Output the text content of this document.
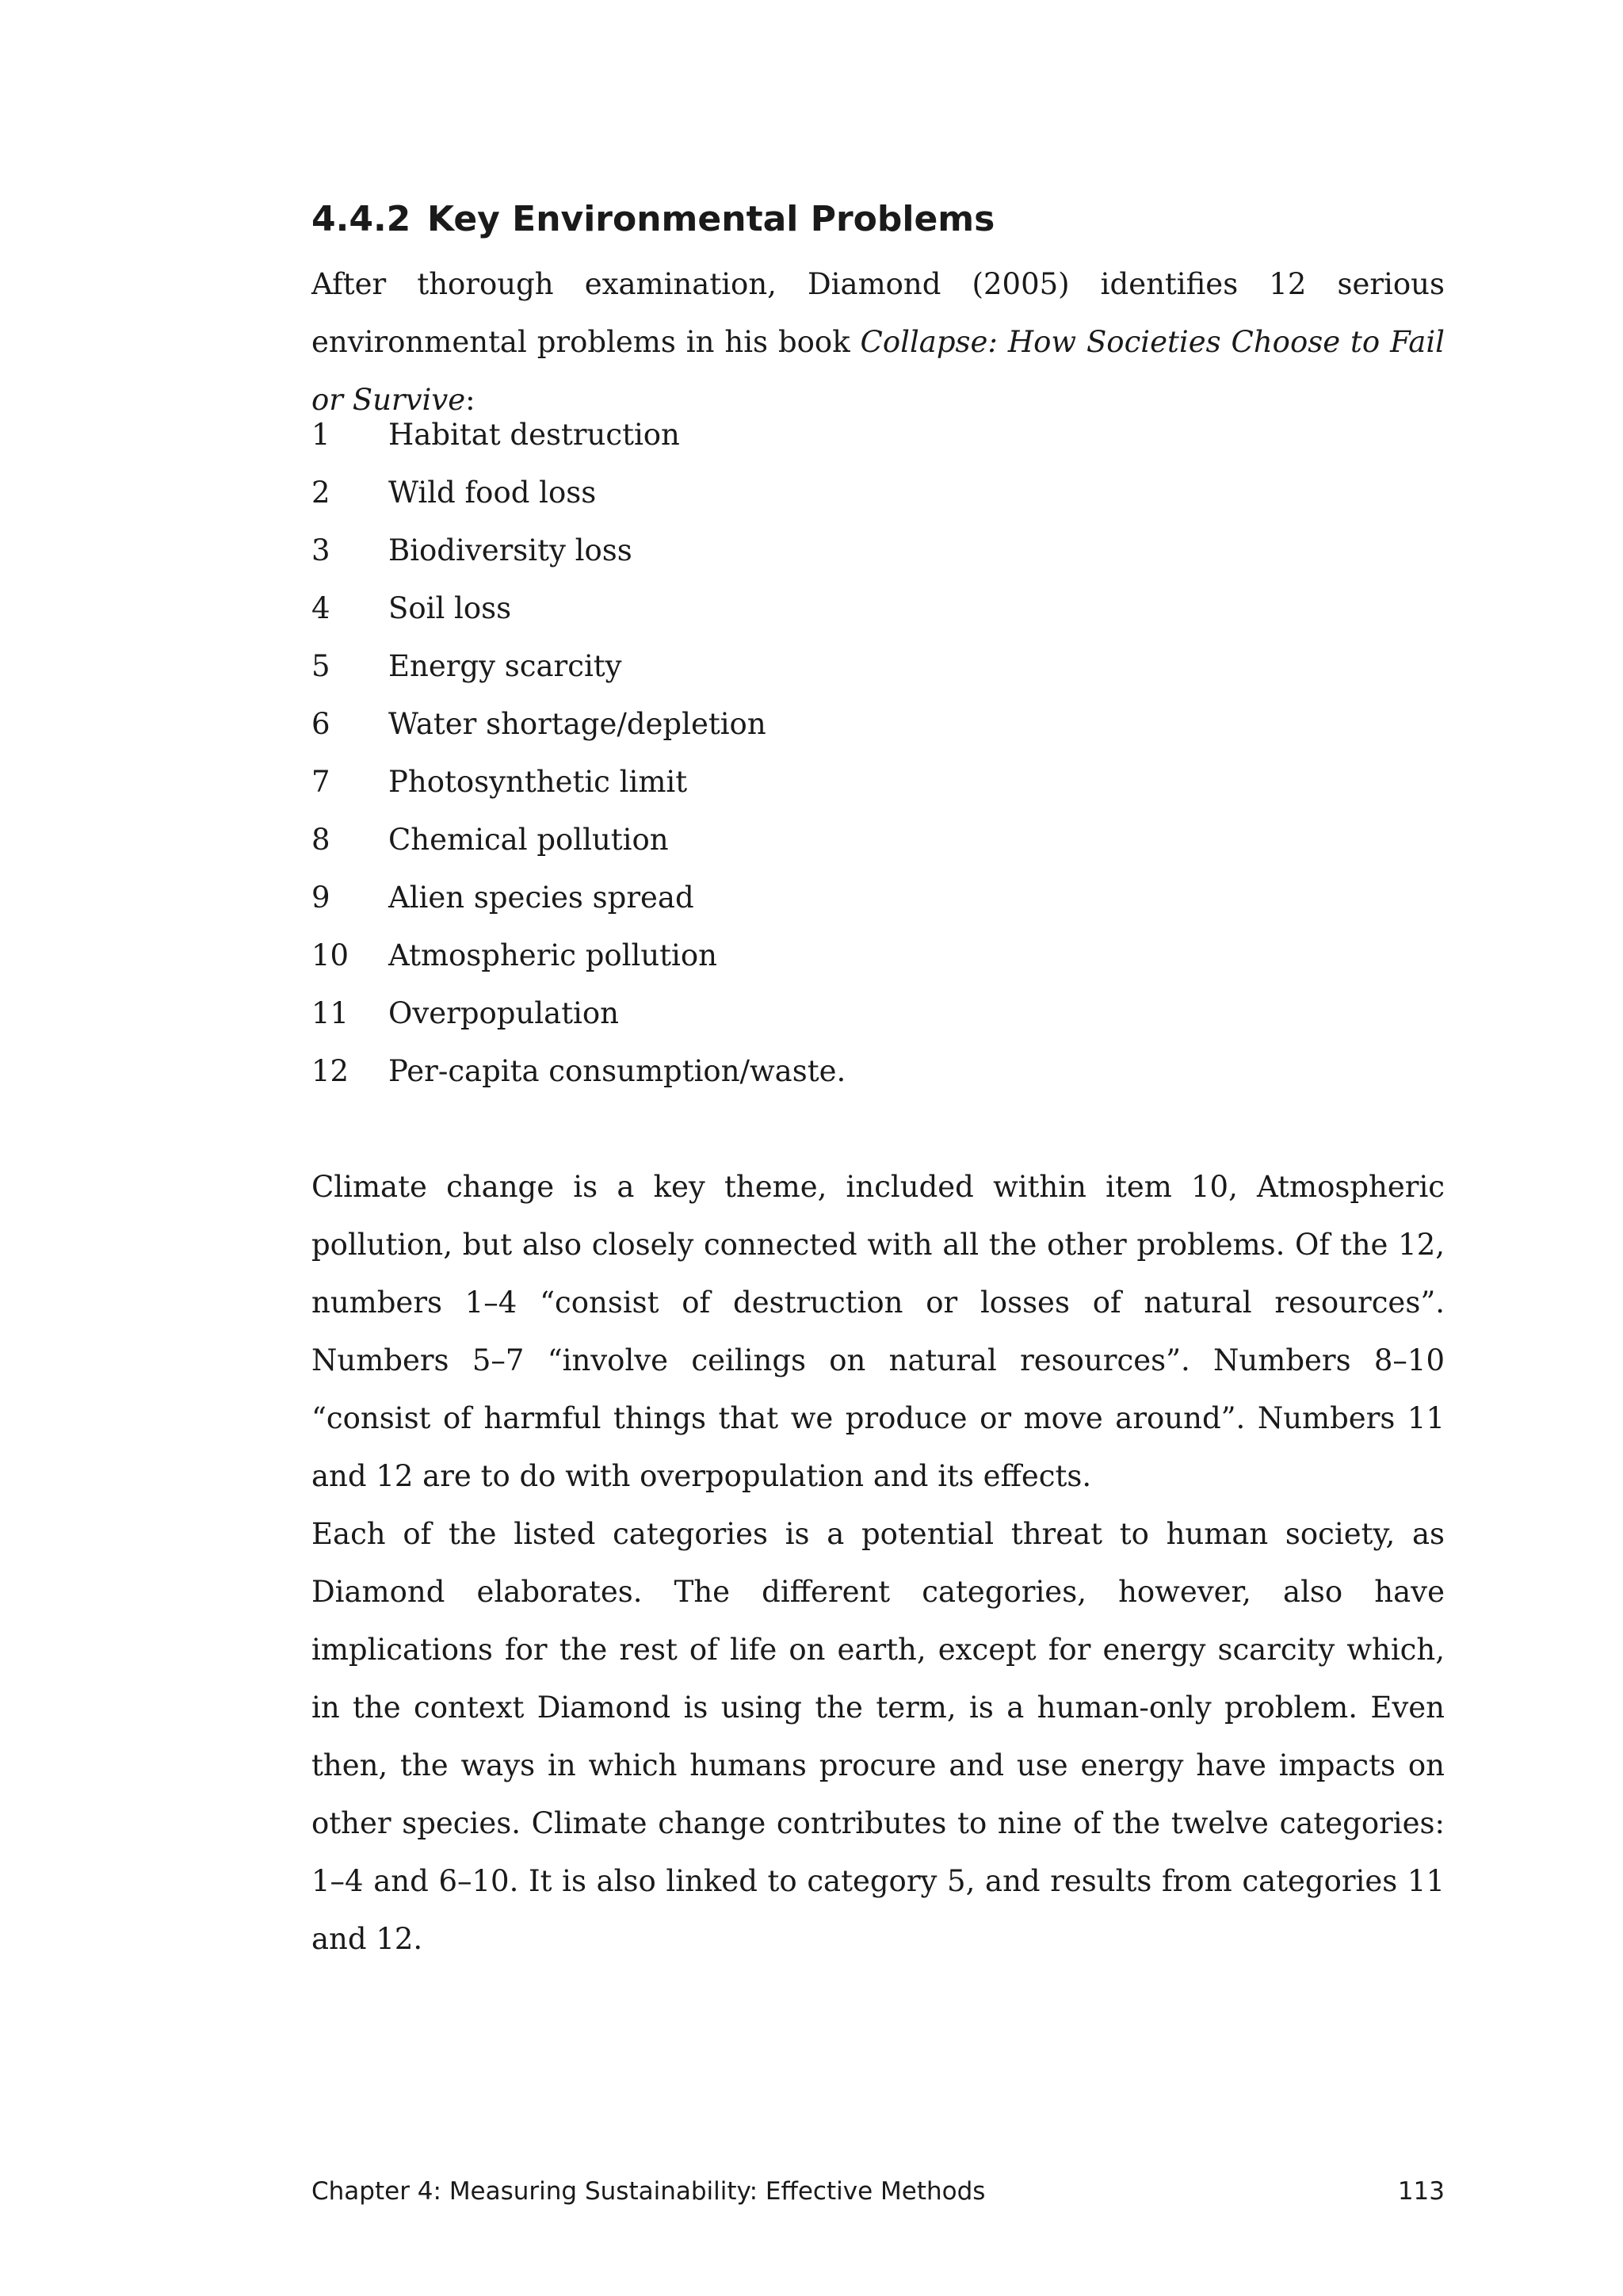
4.4.2 Key Environmental Problems

After thorough examination, Diamond (2005) identifies 12 serious environmental problems in his book Collapse: How Societies Choose to Fail or Survive:

1	Habitat destruction
2	Wild food loss
3	Biodiversity loss
4	Soil loss
5	Energy scarcity
6	Water shortage/depletion
7	Photosynthetic limit
8	Chemical pollution
9	Alien species spread
10	Atmospheric pollution
11	Overpopulation
12	Per-capita consumption/waste.

Climate change is a key theme, included within item 10, Atmospheric pollution, but also closely connected with all the other problems. Of the 12, numbers 1–4 “consist of destruction or losses of natural resources”. Numbers 5–7 “involve ceilings on natural resources”. Numbers 8–10 “consist of harmful things that we produce or move around”. Numbers 11 and 12 are to do with overpopulation and its effects.

Each of the listed categories is a potential threat to human society, as Diamond elaborates. The different categories, however, also have implications for the rest of life on earth, except for energy scarcity which, in the context Diamond is using the term, is a human-only problem. Even then, the ways in which humans procure and use energy have impacts on other species. Climate change contributes to nine of the twelve categories: 1–4 and 6–10. It is also linked to category 5, and results from categories 11 and 12.

Chapter 4: Measuring Sustainability: Effective Methods	113
